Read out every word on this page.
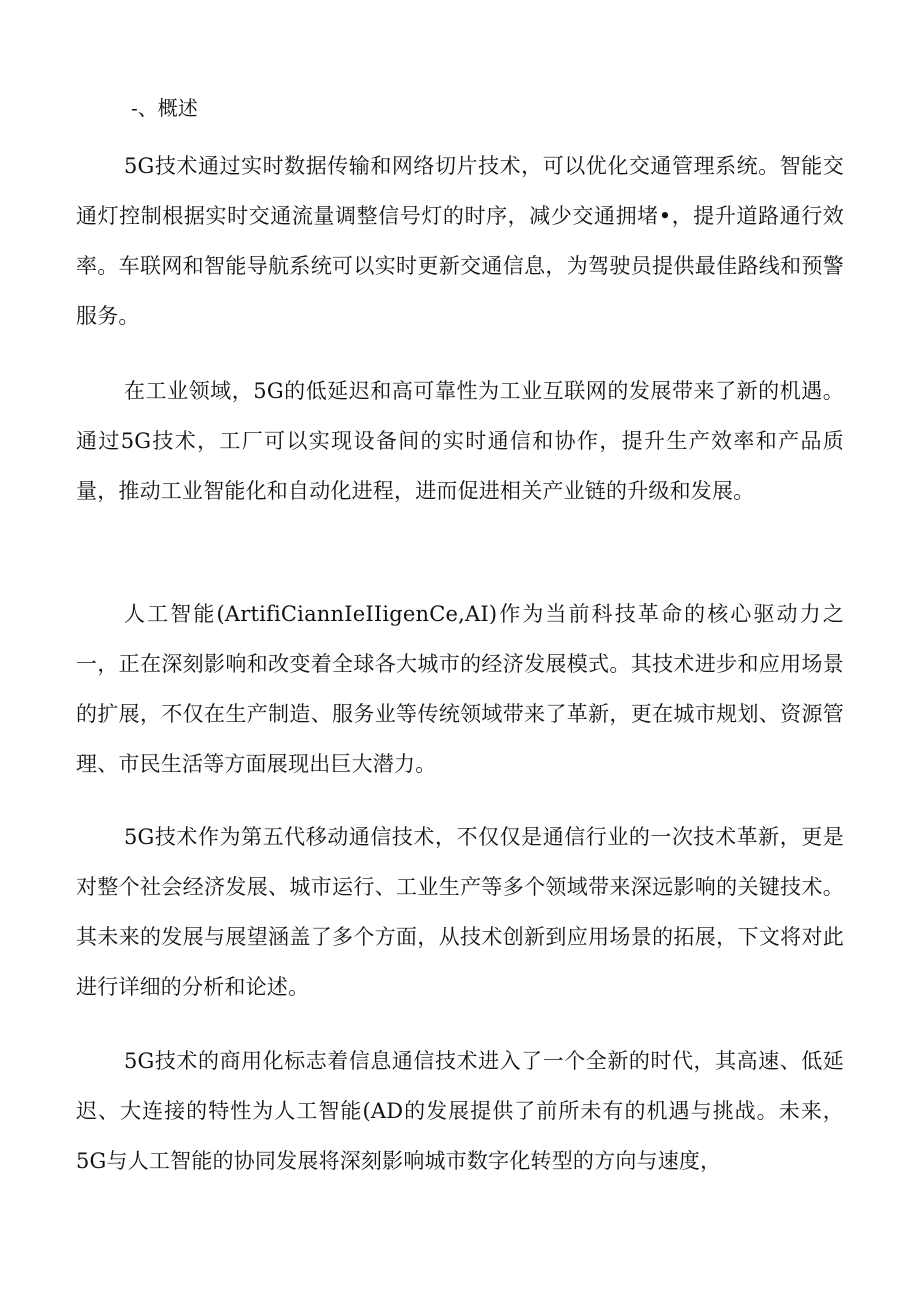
-、概述

5G技术通过实时数据传输和网络切片技术，可以优化交通管理系统。智能交通灯控制根据实时交通流量调整信号灯的时序，减少交通拥堵•，提升道路通行效率。车联网和智能导航系统可以实时更新交通信息，为驾驶员提供最佳路线和预警服务。

在工业领域，5G的低延迟和高可靠性为工业互联网的发展带来了新的机遇。通过5G技术，工厂可以实现设备间的实时通信和协作，提升生产效率和产品质量，推动工业智能化和自动化进程，进而促进相关产业链的升级和发展。

人工智能(ArtifiCiannIeIIigenCe,AI)作为当前科技革命的核心驱动力之一，正在深刻影响和改变着全球各大城市的经济发展模式。其技术进步和应用场景的扩展，不仅在生产制造、服务业等传统领域带来了革新，更在城市规划、资源管理、市民生活等方面展现出巨大潜力。

5G技术作为第五代移动通信技术，不仅仅是通信行业的一次技术革新，更是对整个社会经济发展、城市运行、工业生产等多个领域带来深远影响的关键技术。其未来的发展与展望涵盖了多个方面，从技术创新到应用场景的拓展，下文将对此进行详细的分析和论述。

5G技术的商用化标志着信息通信技术进入了一个全新的时代，其高速、低延迟、大连接的特性为人工智能(AD的发展提供了前所未有的机遇与挑战。未来，5G与人工智能的协同发展将深刻影响城市数字化转型的方向与速度，
